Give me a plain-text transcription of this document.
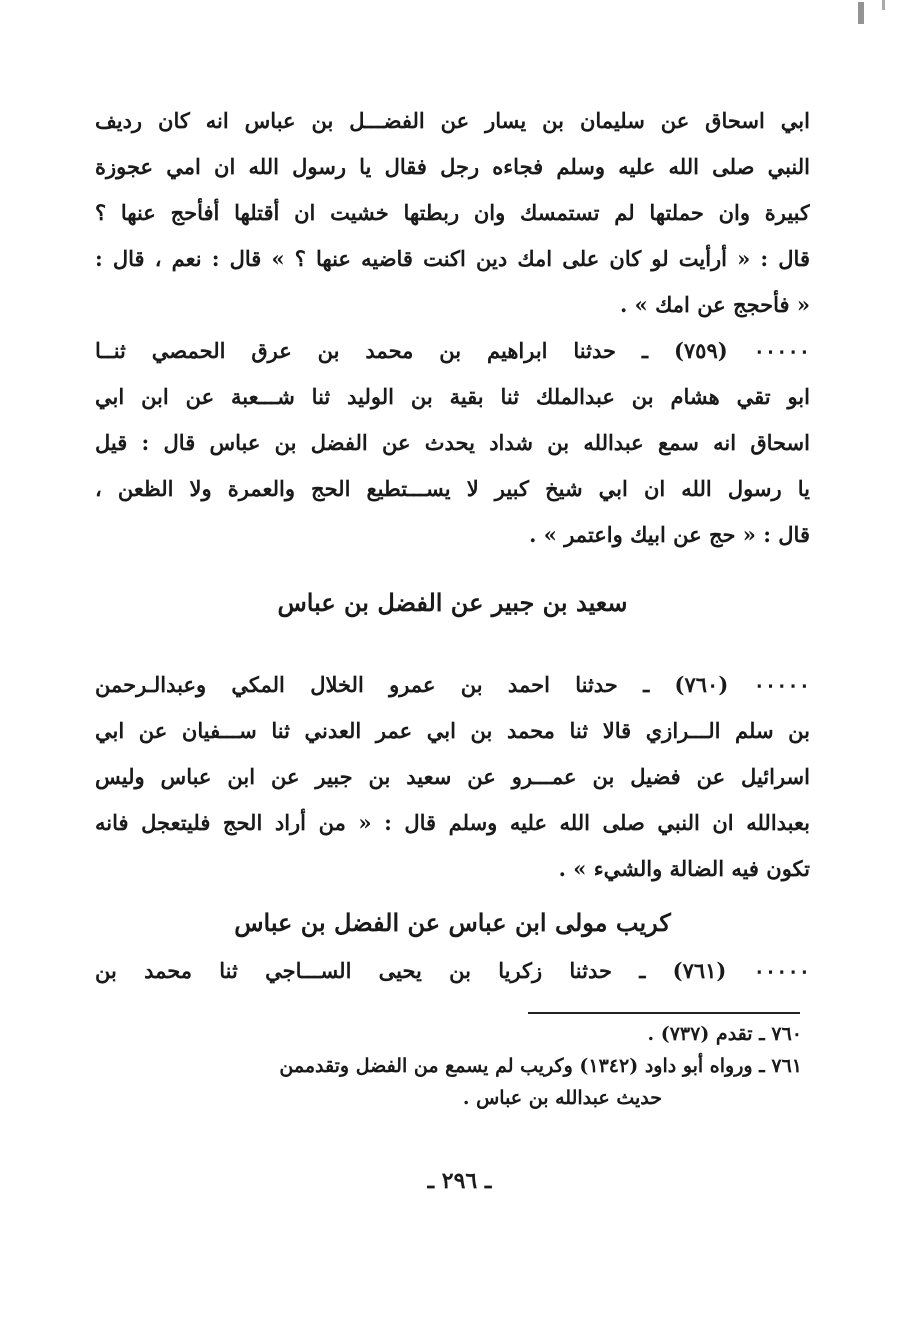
ابي اسحاق عن سليمان بن يسار عن الفضـــل بن عباس انه كان رديف
النبي صلى الله عليه وسلم فجاءه رجل فقال يا رسول الله ان امي عجوزة
كبيرة وان حملتها لم تستمسك وان ربطتها خشيت ان أقتلها أفأحج عنها ؟
قال : « أرأيت لو كان على امك دين اكنت قاضيه عنها ؟ » قال : نعم ، قال :
« فأحجج عن امك » .
٠٠٠٠٠ (٧٥٩) ـ حدثنا ابراهيم بن محمد بن عرق الحمصي ثنــا
ابو تقي هشام بن عبدالملك ثنا بقية بن الوليد ثنا شـــعبة عن ابن ابي
اسحاق انه سمع عبدالله بن شداد يحدث عن الفضل بن عباس قال : قيل
يا رسول الله ان ابي شيخ كبير لا يســـتطيع الحج والعمرة ولا الظعن ،
قال : « حج عن ابيك واعتمر » .
سعيد بن جبير عن الفضل بن عباس
٠٠٠٠٠ (٧٦٠) ـ حدثنا احمد بن عمرو الخلال المكي وعبدالـرحمن
بن سلم الـــرازي قالا ثنا محمد بن ابي عمر العدني ثنا ســـفيان عن ابي
اسرائيل عن فضيل بن عمـــرو عن سعيد بن جبير عن ابن عباس وليس
بعبدالله ان النبي صلى الله عليه وسلم قال : « من أراد الحج فليتعجل فانه
تكون فيه الضالة والشيء » .
كريب مولى ابن عباس عن الفضل بن عباس
٠٠٠٠٠ (٧٦١) ـ حدثنا زكريا بن يحيى الســـاجي ثنا محمد بن
٧٦٠ ـ تقدم (٧٣٧) .
٧٦١ ـ ورواه أبو داود (١٣٤٢) وكريب لم يسمع من الفضل وتقدممن
حديث عبدالله بن عباس .
ـ ٢٩٦ ـ
